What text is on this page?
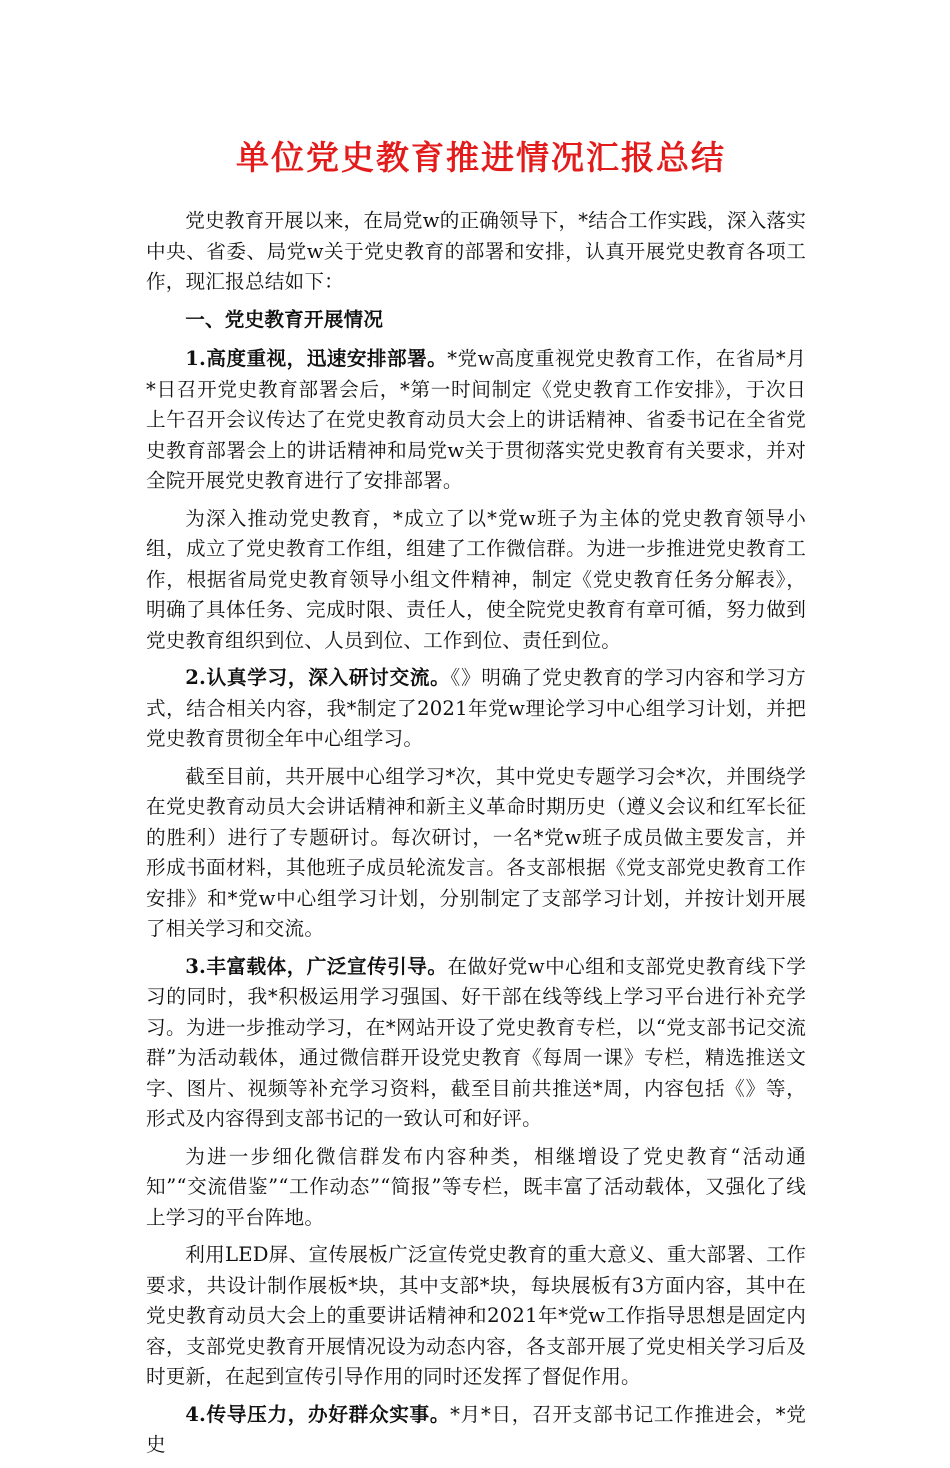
单位党史教育推进情况汇报总结

党史教育开展以来，在局党w的正确领导下，*结合工作实践，深入落实中央、省委、局党w关于党史教育的部署和安排，认真开展党史教育各项工作，现汇报总结如下：

一、党史教育开展情况

1.高度重视，迅速安排部署。*党w高度重视党史教育工作，在省局*月*日召开党史教育部署会后，*第一时间制定《党史教育工作安排》，于次日上午召开会议传达了在党史教育动员大会上的讲话精神、省委书记在全省党史教育部署会上的讲话精神和局党w关于贯彻落实党史教育有关要求，并对全院开展党史教育进行了安排部署。

为深入推动党史教育，*成立了以*党w班子为主体的党史教育领导小组，成立了党史教育工作组，组建了工作微信群。为进一步推进党史教育工作，根据省局党史教育领导小组文件精神，制定《党史教育任务分解表》，明确了具体任务、完成时限、责任人，使全院党史教育有章可循，努力做到党史教育组织到位、人员到位、工作到位、责任到位。

2.认真学习，深入研讨交流。《》明确了党史教育的学习内容和学习方式，结合相关内容，我*制定了2021年党w理论学习中心组学习计划，并把党史教育贯彻全年中心组学习。

截至目前，共开展中心组学习*次，其中党史专题学习会*次，并围绕学在党史教育动员大会讲话精神和新主义革命时期历史（遵义会议和红军长征的胜利）进行了专题研讨。每次研讨，一名*党w班子成员做主要发言，并形成书面材料，其他班子成员轮流发言。各支部根据《党支部党史教育工作安排》和*党w中心组学习计划，分别制定了支部学习计划，并按计划开展了相关学习和交流。

3.丰富载体，广泛宣传引导。在做好党w中心组和支部党史教育线下学习的同时，我*积极运用学习强国、好干部在线等线上学习平台进行补充学习。为进一步推动学习，在*网站开设了党史教育专栏，以“党支部书记交流群”为活动载体，通过微信群开设党史教育《每周一课》专栏，精选推送文字、图片、视频等补充学习资料，截至目前共推送*周，内容包括《》等，形式及内容得到支部书记的一致认可和好评。

为进一步细化微信群发布内容种类，相继增设了党史教育“活动通知”“交流借鉴”“工作动态”“简报”等专栏，既丰富了活动载体，又强化了线上学习的平台阵地。

利用LED屏、宣传展板广泛宣传党史教育的重大意义、重大部署、工作要求，共设计制作展板*块，其中支部*块，每块展板有3方面内容，其中在党史教育动员大会上的重要讲话精神和2021年*党w工作指导思想是固定内容，支部党史教育开展情况设为动态内容，各支部开展了党史相关学习后及时更新，在起到宣传引导作用的同时还发挥了督促作用。

4.传导压力，办好群众实事。*月*日，召开支部书记工作推进会，*党史
